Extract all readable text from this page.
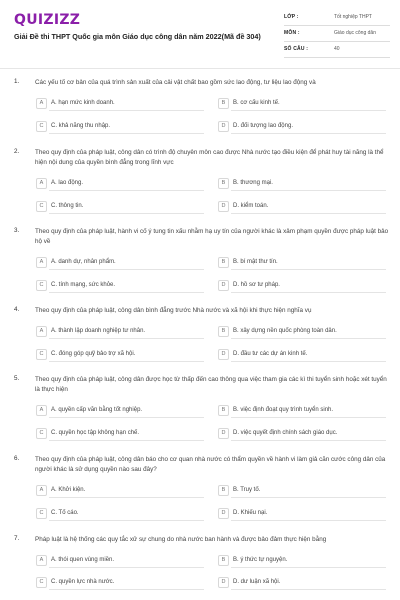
QUIZIZZ
Giải Đề thi THPT Quốc gia môn Giáo dục công dân năm 2022(Mã đề 304)
LỚP :	Tốt nghiệp THPT
MÔN :	Giáo dục công dân
SỐ CÂU :	40
1. Các yếu tố cơ bản của quá trình sản xuất của cải vật chất bao gồm sức lao động, tư liệu lao động và
A	A. hạn mức kinh doanh.	B	B. cơ cấu kinh tế.
C	C. khả năng thu nhập.	D	D. đối tượng lao động.
2. Theo quy định của pháp luật, công dân có trình độ chuyên môn cao được Nhà nước tạo điều kiện để phát huy tài năng là thể hiện nội dung của quyền bình đẳng trong lĩnh vực
A	A. lao động.	B	B. thương mại.
C	C. thông tin.	D	D. kiểm toán.
3. Theo quy định của pháp luật, hành vi cố ý tung tin xấu nhằm hạ uy tín của người khác là xâm phạm quyền được pháp luật bảo hộ về
A	A. danh dự, nhân phẩm.	B	B. bí mật thư tín.
C	C. tính mạng, sức khỏe.	D	D. hồ sơ tư pháp.
4. Theo quy định của pháp luật, công dân bình đẳng trước Nhà nước và xã hội khi thực hiện nghĩa vụ
A	A. thành lập doanh nghiệp tư nhân.	B	B. xây dựng nền quốc phòng toàn dân.
C	C. đóng góp quỹ bảo trợ xã hội.	D	D. đầu tư các dự án kinh tế.
5. Theo quy định của pháp luật, công dân được học từ thấp đến cao thông qua việc tham gia các kì thi tuyển sinh hoặc xét tuyển là thực hiện
A	A. quyền cấp văn bằng tốt nghiệp.	B	B. việc định đoạt quy trình tuyển sinh.
C	C. quyền học tập không hạn chế.	D	D. việc quyết định chính sách giáo dục.
6. Theo quy định của pháp luật, công dân báo cho cơ quan nhà nước có thẩm quyền về hành vi làm giả căn cước công dân của người khác là sử dụng quyền nào sau đây?
A	A. Khởi kiện.	B	B. Truy tố.
C	C. Tố cáo.	D	D. Khiếu nại.
7. Pháp luật là hệ thống các quy tắc xử sự chung do nhà nước ban hành và được bảo đảm thực hiện bằng
A	A. thói quen vùng miền.	B	B. ý thức tự nguyện.
C	C. quyền lực nhà nước.	D	D. dư luận xã hội.
